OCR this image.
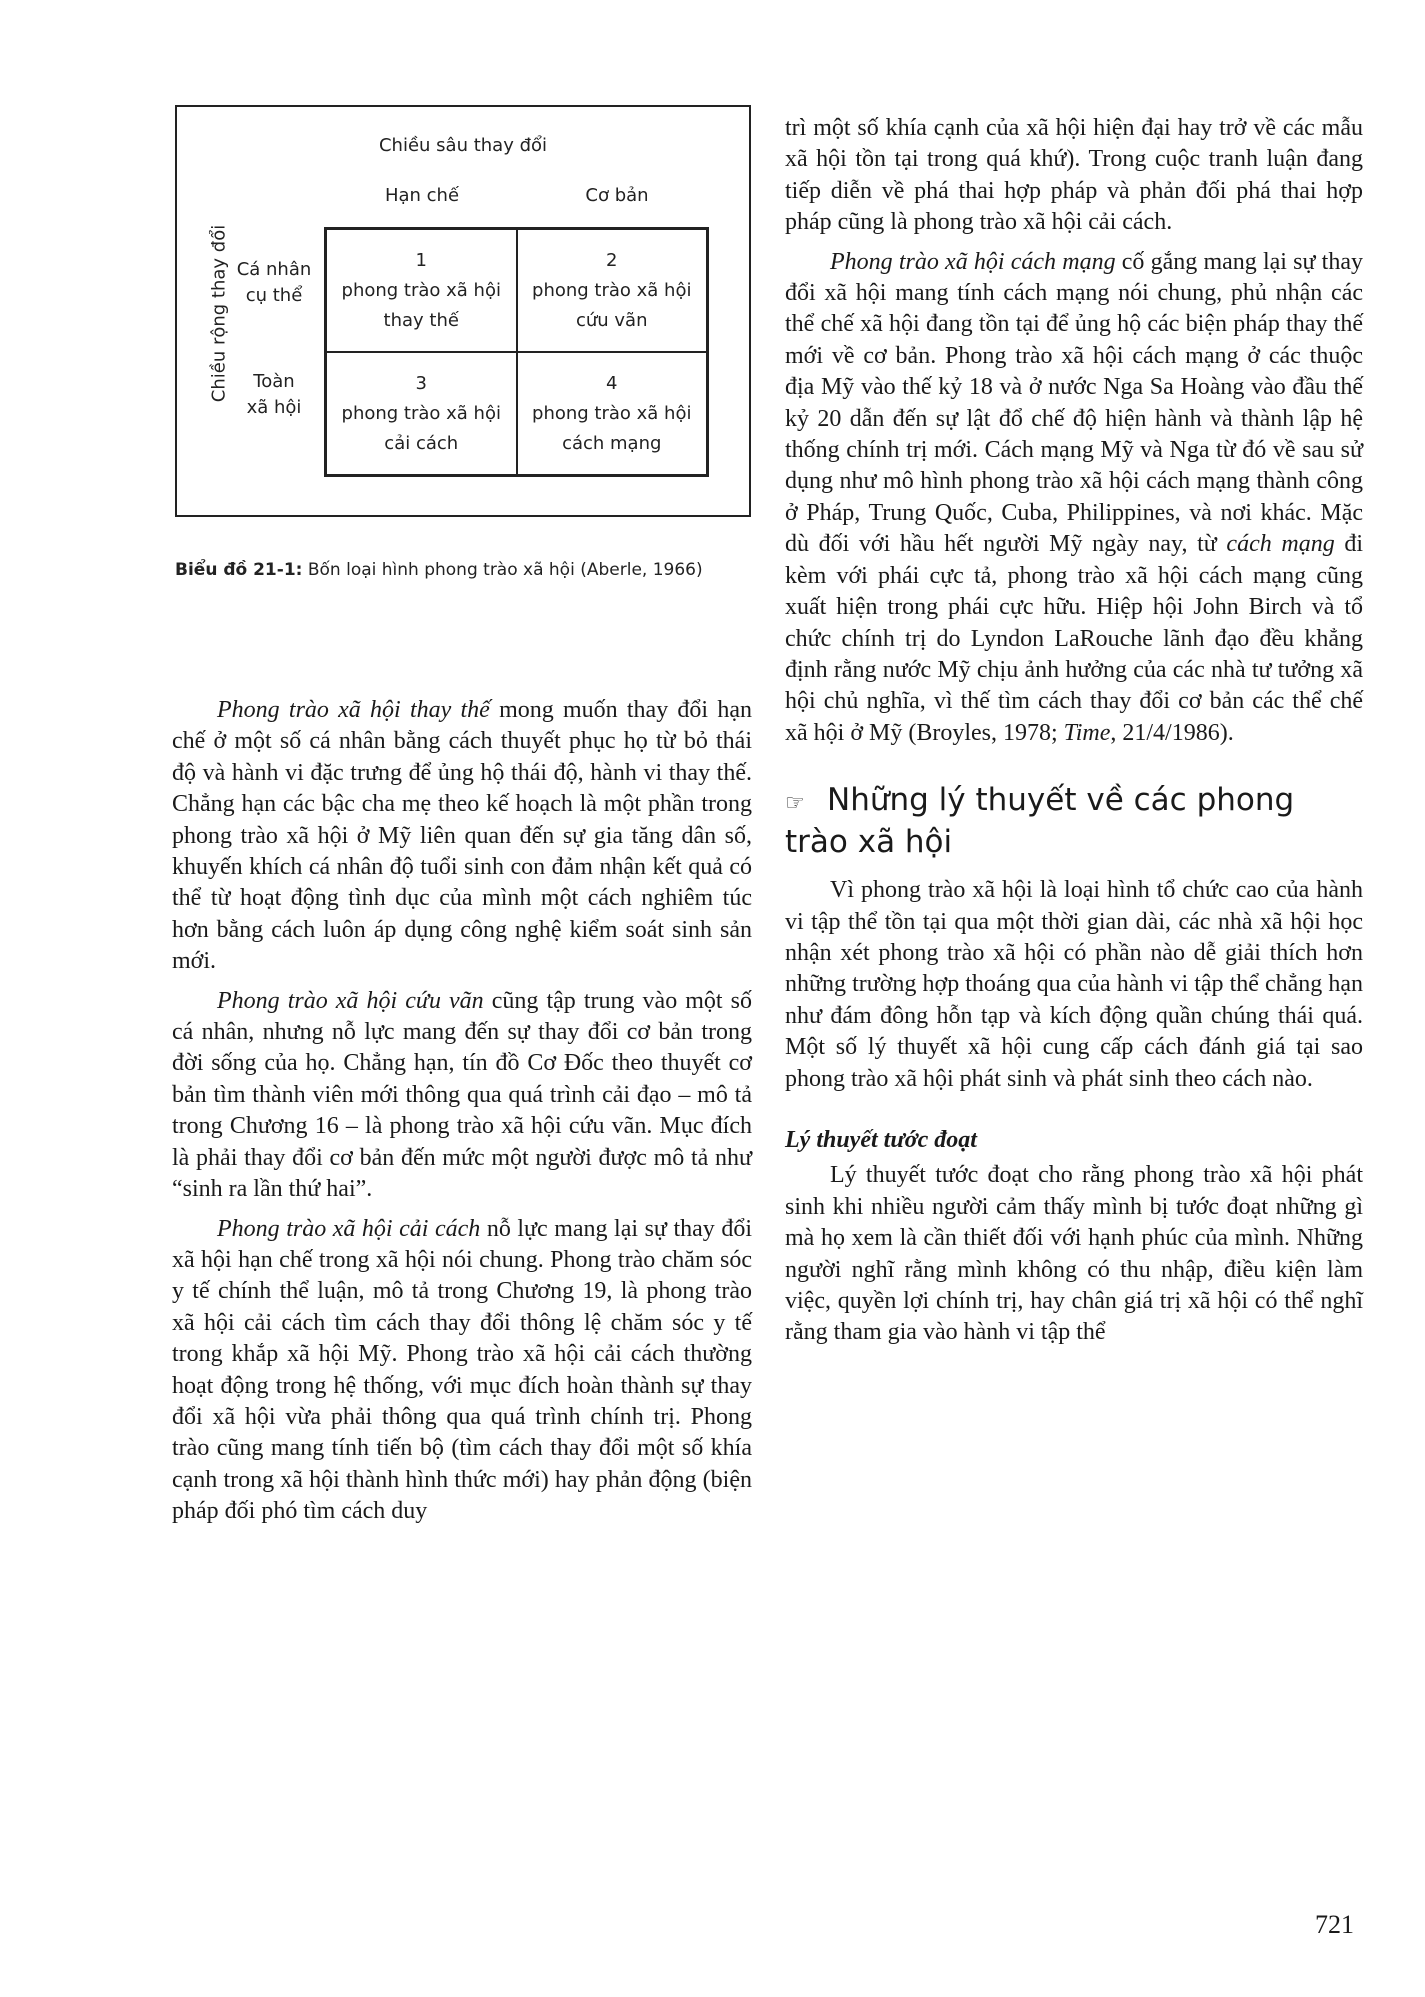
Chiều sâu thay đổi
Hạn chế	Cơ bản
Chiều rộng thay đổi Cá nhân
cụ thể
Toàn
xã hội
1
phong trào xã hội
thay thế
2
phong trào xã hội
cứu vãn
3
phong trào xã hội
cải cách
4
phong trào xã hội
cách mạng
Biểu đồ 21-1: Bốn loại hình phong trào xã hội (Aberle, 1966)

Phong trào xã hội thay thế mong muốn thay đổi hạn chế ở một số cá nhân bằng cách thuyết phục họ từ bỏ thái độ và hành vi đặc trưng để ủng hộ thái độ, hành vi thay thế. Chẳng hạn các bậc cha mẹ theo kế hoạch là một phần trong phong trào xã hội ở Mỹ liên quan đến sự gia tăng dân số, khuyến khích cá nhân độ tuổi sinh con đảm nhận kết quả có thể từ hoạt động tình dục của mình một cách nghiêm túc hơn bằng cách luôn áp dụng công nghệ kiểm soát sinh sản mới.

Phong trào xã hội cứu vãn cũng tập trung vào một số cá nhân, nhưng nỗ lực mang đến sự thay đổi cơ bản trong đời sống của họ. Chẳng hạn, tín đồ Cơ Đốc theo thuyết cơ bản tìm thành viên mới thông qua quá trình cải đạo – mô tả trong Chương 16 – là phong trào xã hội cứu vãn. Mục đích là phải thay đổi cơ bản đến mức một người được mô tả như “sinh ra lần thứ hai”.

Phong trào xã hội cải cách nỗ lực mang lại sự thay đổi xã hội hạn chế trong xã hội nói chung. Phong trào chăm sóc y tế chính thể luận, mô tả trong Chương 19, là phong trào xã hội cải cách tìm cách thay đổi thông lệ chăm sóc y tế trong khắp xã hội Mỹ. Phong trào xã hội cải cách thường hoạt động trong hệ thống, với mục đích hoàn thành sự thay đổi xã hội vừa phải thông qua quá trình chính trị. Phong trào cũng mang tính tiến bộ (tìm cách thay đổi một số khía cạnh trong xã hội thành hình thức mới) hay phản động (biện pháp đối phó tìm cách duy

trì một số khía cạnh của xã hội hiện đại hay trở về các mẫu xã hội tồn tại trong quá khứ). Trong cuộc tranh luận đang tiếp diễn về phá thai hợp pháp và phản đối phá thai hợp pháp cũng là phong trào xã hội cải cách.

Phong trào xã hội cách mạng cố gắng mang lại sự thay đổi xã hội mang tính cách mạng nói chung, phủ nhận các thể chế xã hội đang tồn tại để ủng hộ các biện pháp thay thế mới về cơ bản. Phong trào xã hội cách mạng ở các thuộc địa Mỹ vào thế kỷ 18 và ở nước Nga Sa Hoàng vào đầu thế kỷ 20 dẫn đến sự lật đổ chế độ hiện hành và thành lập hệ thống chính trị mới. Cách mạng Mỹ và Nga từ đó về sau sử dụng như mô hình phong trào xã hội cách mạng thành công ở Pháp, Trung Quốc, Cuba, Philippines, và nơi khác. Mặc dù đối với hầu hết người Mỹ ngày nay, từ cách mạng đi kèm với phái cực tả, phong trào xã hội cách mạng cũng xuất hiện trong phái cực hữu. Hiệp hội John Birch và tổ chức chính trị do Lyndon LaRouche lãnh đạo đều khẳng định rằng nước Mỹ chịu ảnh hưởng của các nhà tư tưởng xã hội chủ nghĩa, vì thế tìm cách thay đổi cơ bản các thể chế xã hội ở Mỹ (Broyles, 1978; Time, 21/4/1986).

☞ Những lý thuyết về các phong trào xã hội

Vì phong trào xã hội là loại hình tổ chức cao của hành vi tập thể tồn tại qua một thời gian dài, các nhà xã hội học nhận xét phong trào xã hội có phần nào dễ giải thích hơn những trường hợp thoáng qua của hành vi tập thể chẳng hạn như đám đông hỗn tạp và kích động quần chúng thái quá. Một số lý thuyết xã hội cung cấp cách đánh giá tại sao phong trào xã hội phát sinh và phát sinh theo cách nào.

Lý thuyết tước đoạt

Lý thuyết tước đoạt cho rằng phong trào xã hội phát sinh khi nhiều người cảm thấy mình bị tước đoạt những gì mà họ xem là cần thiết đối với hạnh phúc của mình. Những người nghĩ rằng mình không có thu nhập, điều kiện làm việc, quyền lợi chính trị, hay chân giá trị xã hội có thể nghĩ rằng tham gia vào hành vi tập thể

721
